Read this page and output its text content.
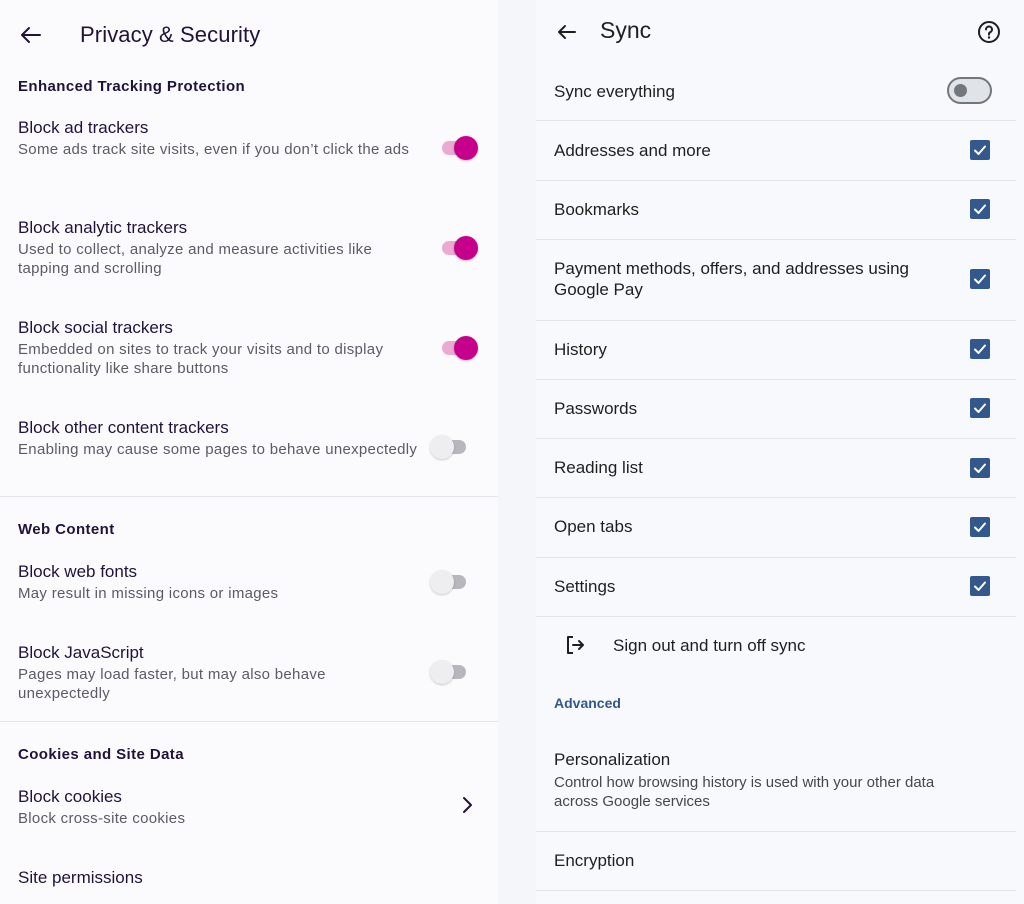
Privacy & Security
Enhanced Tracking Protection
Block ad trackers
Some ads track site visits, even if you don’t click the ads
Block analytic trackers
Used to collect, analyze and measure activities like tapping and scrolling
Block social trackers
Embedded on sites to track your visits and to display functionality like share buttons
Block other content trackers
Enabling may cause some pages to behave unexpectedly
Web Content
Block web fonts
May result in missing icons or images
Block JavaScript
Pages may load faster, but may also behave unexpectedly
Cookies and Site Data
Block cookies
Block cross-site cookies
Site permissions
Sync
Sync everything
Addresses and more
Bookmarks
Payment methods, offers, and addresses using Google Pay
History
Passwords
Reading list
Open tabs
Settings
Sign out and turn off sync
Advanced
Personalization
Control how browsing history is used with your other data across Google services
Encryption
